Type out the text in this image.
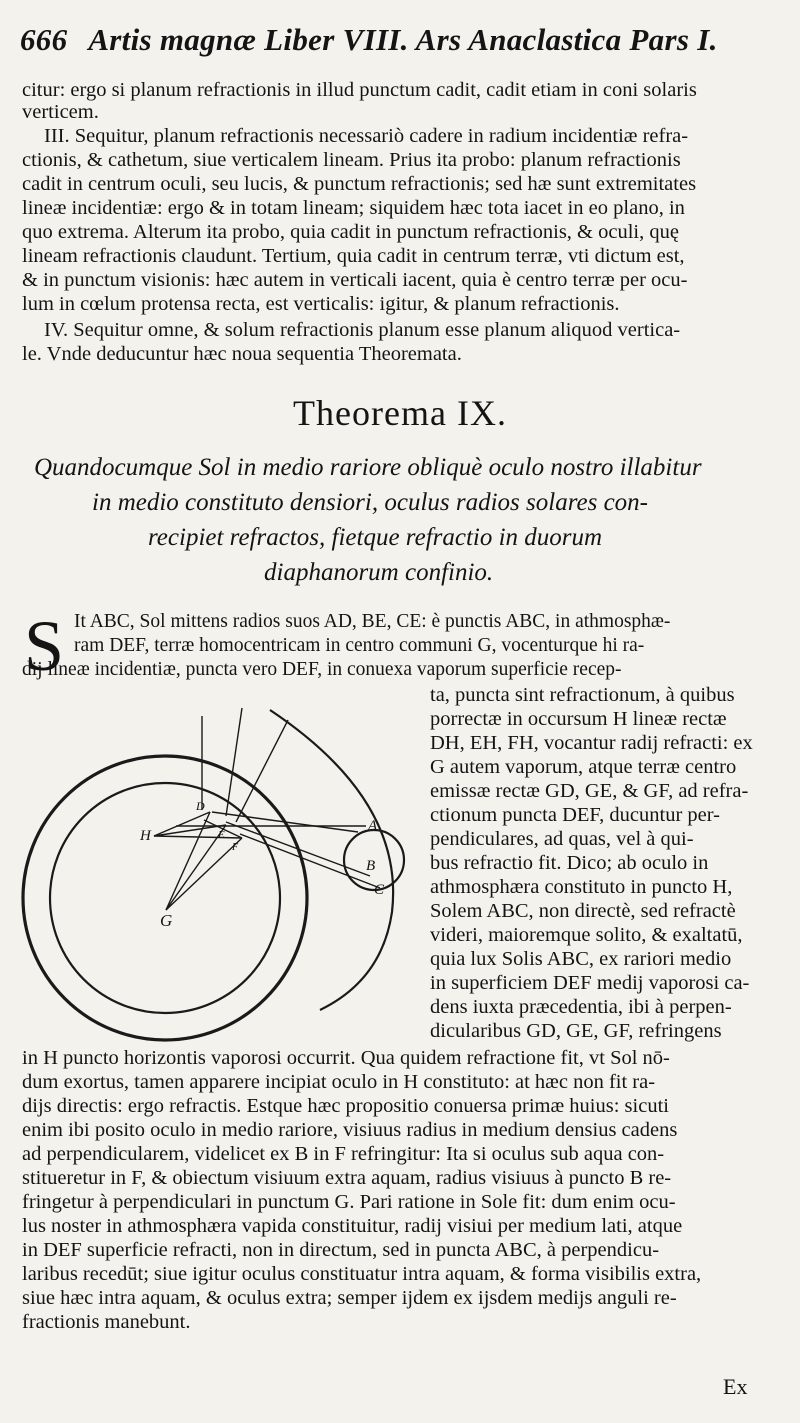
666 Artis magnæ Liber VIII. Ars Anaclastica Pars I.
citur: ergo si planum refractionis in illud punctum cadit, cadit etiam in coni solaris
verticem.
III. Sequitur, planum refractionis necessariò cadere in radium incidentiæ refra-
ctionis, & cathetum, siue verticalem lineam. Prius ita probo: planum refractionis
cadit in centrum oculi, seu lucis, & punctum refractionis; sed hæ sunt extremitates
lineæ incidentiæ: ergo & in totam lineam; siquidem hæc tota iacet in eo plano, in
quo extrema. Alterum ita probo, quia cadit in punctum refractionis, & oculi, quę
lineam refractionis claudunt. Tertium, quia cadit in centrum terræ, vti dictum est,
& in punctum visionis: hæc autem in verticali iacent, quia è centro terræ per ocu-
lum in cœlum protensa recta, est verticalis: igitur, & planum refractionis.
IV. Sequitur omne, & solum refractionis planum esse planum aliquod vertica-
le. Vnde deducuntur hæc noua sequentia Theoremata.
Theorema IX.
Quandocumque Sol in medio rariore obliquè oculo nostro illabitur
in medio constituto densiori, oculus radios solares con-
recipiet refractos, fietque refractio in duorum
diaphanorum confinio.
S It ABC, Sol mittens radios suos AD, BE, CE: è punctis ABC, in athmosphæ-
ram DEF, terræ homocentricam in centro communi G, vocenturque hi ra-
dij lineæ incidentiæ, puncta vero DEF, in conuexa vaporum superficie recep-
ta, puncta sint refractionum, à quibus
porrectæ in occursum H lineæ rectæ
DH, EH, FH, vocantur radij refracti: ex
G autem vaporum, atque terræ centro
emissæ rectæ GD, GE, & GF, ad refra-
ctionum puncta DEF, ducuntur per-
pendiculares, ad quas, vel à qui-
bus refractio fit. Dico; ab oculo in
athmosphæra constituto in puncto H,
Solem ABC, non directè, sed refractè
videri, maioremque solito, & exaltatū,
quia lux Solis ABC, ex rariori medio
in superficiem DEF medij vaporosi ca-
dens iuxta præcedentia, ibi à perpen-
dicularibus GD, GE, GF, refringens
A
B
C
D
E
F
G
H
in H puncto horizontis vaporosi occurrit. Qua quidem refractione fit, vt Sol nō-
dum exortus, tamen apparere incipiat oculo in H constituto: at hæc non fit ra-
dijs directis: ergo refractis. Estque hæc propositio conuersa primæ huius: sicuti
enim ibi posito oculo in medio rariore, visiuus radius in medium densius cadens
ad perpendicularem, videlicet ex B in F refringitur: Ita si oculus sub aqua con-
stitueretur in F, & obiectum visiuum extra aquam, radius visiuus à puncto B re-
fringetur à perpendiculari in punctum G. Pari ratione in Sole fit: dum enim ocu-
lus noster in athmosphæra vapida constituitur, radij visiui per medium lati, atque
in DEF superficie refracti, non in directum, sed in puncta ABC, à perpendicu-
laribus recedūt; siue igitur oculus constituatur intra aquam, & forma visibilis extra,
siue hæc intra aquam, & oculus extra; semper ijdem ex ijsdem medijs anguli re-
fractionis manebunt.
Ex
